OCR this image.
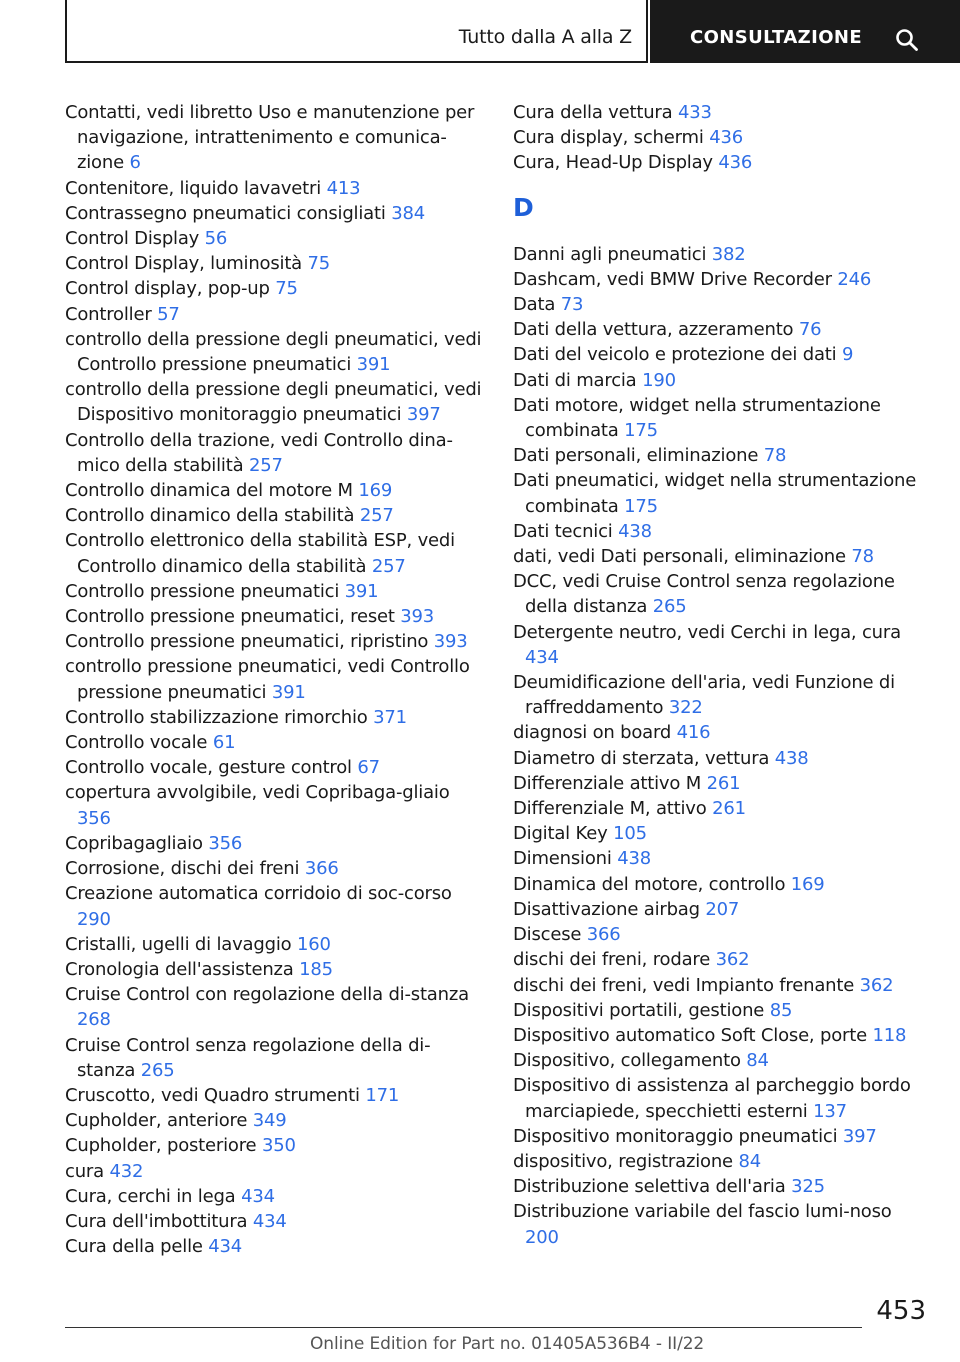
Tutto dalla A alla Z	CONSULTAZIONE

Contatti, vedi libretto Uso e manutenzione per navigazione, intrattenimento e comunica-zione 6

Contenitore, liquido lavavetri 413

Contrassegno pneumatici consigliati 384

Control Display 56

Control Display, luminosità 75

Control display, pop-up 75

Controller 57

controllo della pressione degli pneumatici, vedi Controllo pressione pneumatici 391

controllo della pressione degli pneumatici, vedi Dispositivo monitoraggio pneumatici 397

Controllo della trazione, vedi Controllo dina-mico della stabilità 257

Controllo dinamica del motore M 169

Controllo dinamico della stabilità 257

Controllo elettronico della stabilità ESP, vedi Controllo dinamico della stabilità 257

Controllo pressione pneumatici 391

Controllo pressione pneumatici, reset 393

Controllo pressione pneumatici, ripristino 393

controllo pressione pneumatici, vedi Controllo pressione pneumatici 391

Controllo stabilizzazione rimorchio 371

Controllo vocale 61

Controllo vocale, gesture control 67

copertura avvolgibile, vedi Copribaga-gliaio 356

Copribagagliaio 356

Corrosione, dischi dei freni 366

Creazione automatica corridoio di soc-corso 290

Cristalli, ugelli di lavaggio 160

Cronologia dell'assistenza 185

Cruise Control con regolazione della di-stanza 268

Cruise Control senza regolazione della di-stanza 265

Cruscotto, vedi Quadro strumenti 171

Cupholder, anteriore 349

Cupholder, posteriore 350

cura 432

Cura, cerchi in lega 434

Cura dell'imbottitura 434

Cura della pelle 434

Cura della vettura 433

Cura display, schermi 436

Cura, Head-Up Display 436

D

Danni agli pneumatici 382

Dashcam, vedi BMW Drive Recorder 246

Data 73

Dati della vettura, azzeramento 76

Dati del veicolo e protezione dei dati 9

Dati di marcia 190

Dati motore, widget nella strumentazione combinata 175

Dati personali, eliminazione 78

Dati pneumatici, widget nella strumentazione combinata 175

Dati tecnici 438

dati, vedi Dati personali, eliminazione 78

DCC, vedi Cruise Control senza regolazione della distanza 265

Detergente neutro, vedi Cerchi in lega, cura 434

Deumidificazione dell'aria, vedi Funzione di raffreddamento 322

diagnosi on board 416

Diametro di sterzata, vettura 438

Differenziale attivo M 261

Differenziale M, attivo 261

Digital Key 105

Dimensioni 438

Dinamica del motore, controllo 169

Disattivazione airbag 207

Discese 366

dischi dei freni, rodare 362

dischi dei freni, vedi Impianto frenante 362

Dispositivi portatili, gestione 85

Dispositivo automatico Soft Close, porte 118

Dispositivo, collegamento 84

Dispositivo di assistenza al parcheggio bordo marciapiede, specchietti esterni 137

Dispositivo monitoraggio pneumatici 397

dispositivo, registrazione 84

Distribuzione selettiva dell'aria 325

Distribuzione variabile del fascio lumi-noso 200

453
Online Edition for Part no. 01405A536B4 - II/22
